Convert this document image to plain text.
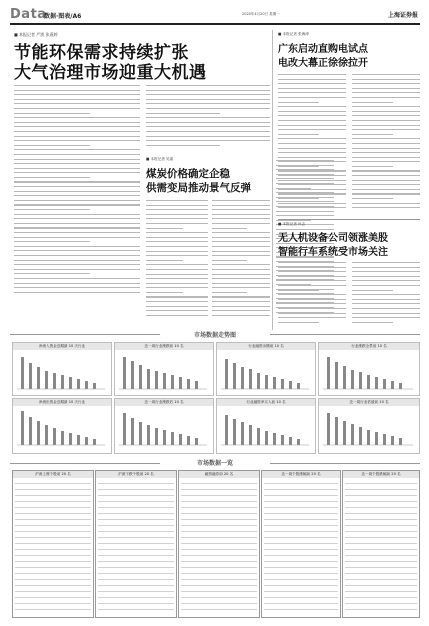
Data
数据·图表/A6	2020年4月20日 星期一	上海证券报
■ 本报记者 严凯 张燕婷
节能环保需求持续扩张
大气治理市场迎重大机遇
■ 本报记者 吴嘉
煤炭价格确定企稳
供需变局推动景气反弹
■ 本报记者 张海涛
广东启动直购电试点
电改大幕正徐徐拉开
■ 本报记者 孙志
无人机设备公司领涨美股
智能行车系统受市场关注
市场数据走势图
净流入资金近期最 10 天行业	近一周行业涨跌前 10 名	行业融资余额前 10 名	行业涨跌全景前 10 名
净流出资金近期最 10 天行业	近一周行业涨跌后 10 名	行业融资净买入前 10 名	近一周行业估值前 10 名
市场数据一览
沪深上涨个股前 20 名	沪深下跌个股前 20 名	融资融券前 20 名	近一周个股涨幅前 20 名	近一周个股跌幅前 20 名
